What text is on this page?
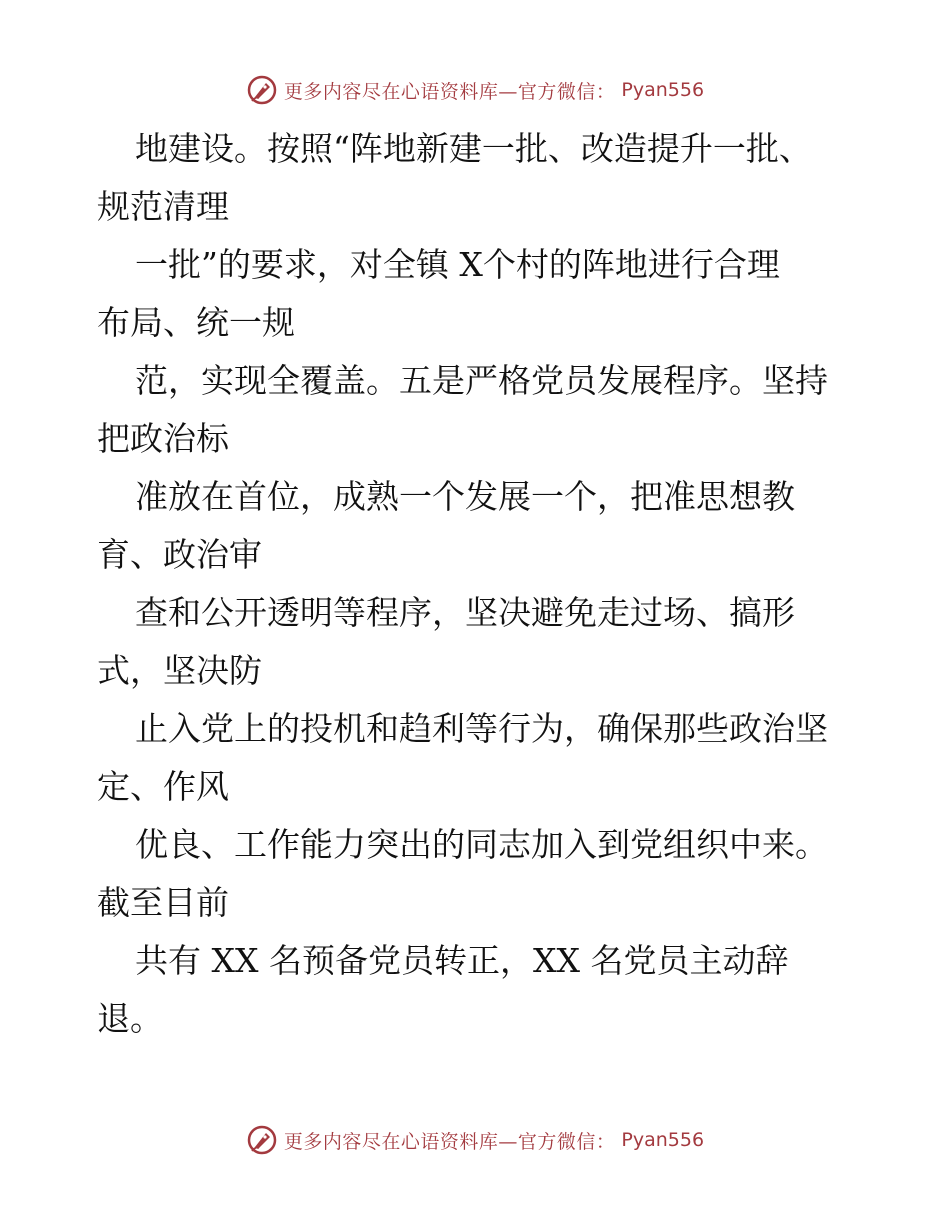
更多内容尽在心语资料库—官方微信： Pyan556
地建设。按照“阵地新建一批、改造提升一批、
规范清理
一批”的要求，对全镇 X个村的阵地进行合理
布局、统一规
范，实现全覆盖。五是严格党员发展程序。坚持
把政治标
准放在首位，成熟一个发展一个，把准思想教
育、政治审
查和公开透明等程序，坚决避免走过场、搞形
式，坚决防
止入党上的投机和趋利等行为，确保那些政治坚
定、作风
优良、工作能力突出的同志加入到党组织中来。
截至目前
共有 XX 名预备党员转正，XX 名党员主动辞
退。
更多内容尽在心语资料库—官方微信： Pyan556
